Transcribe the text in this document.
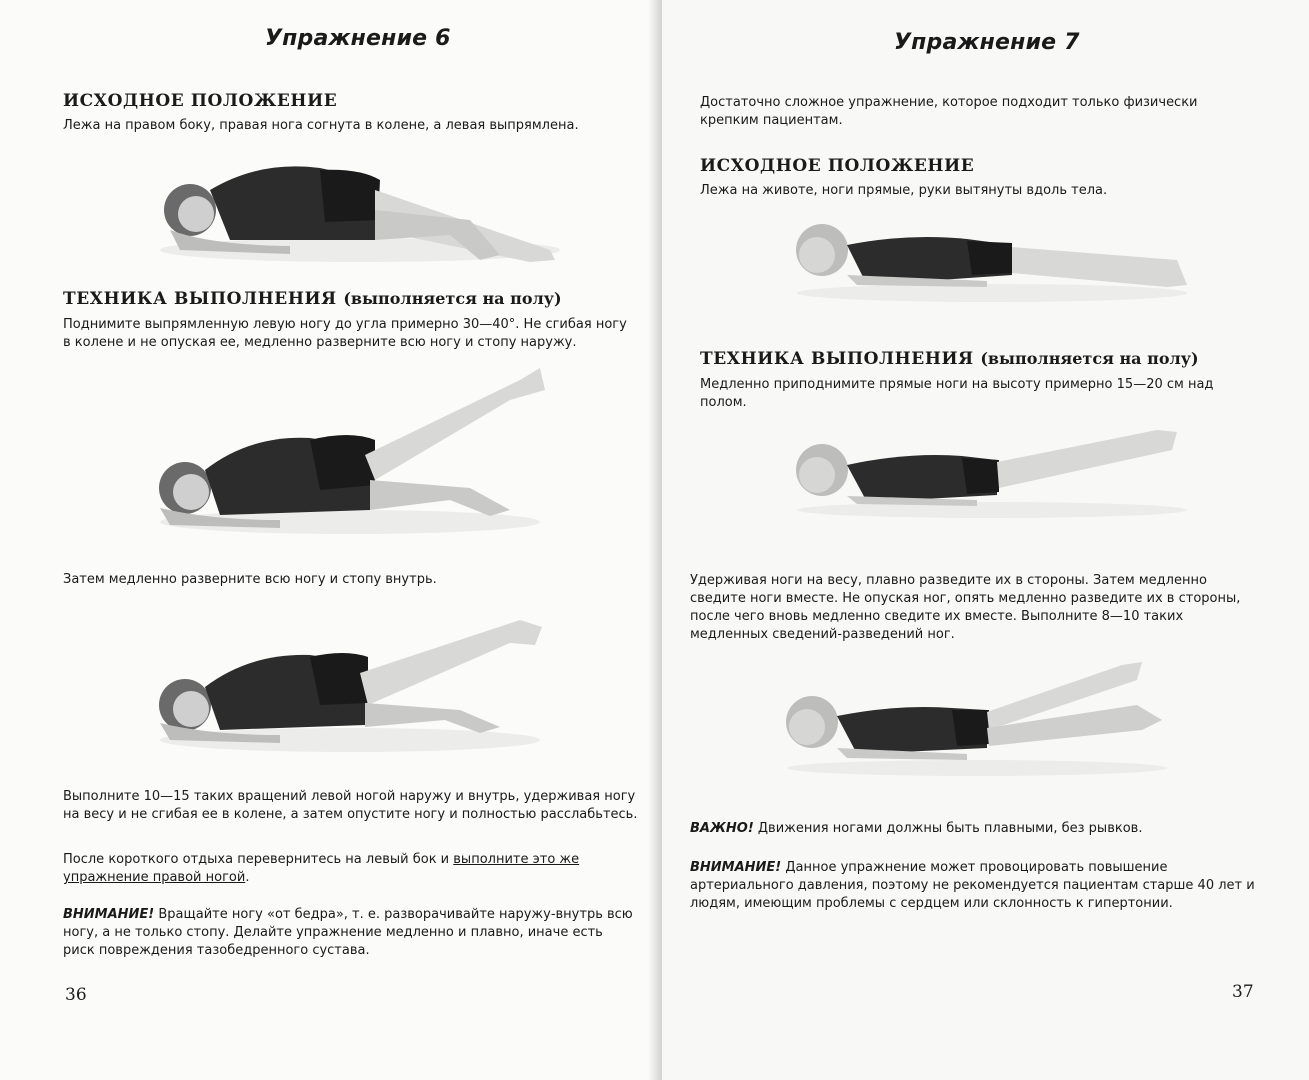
Упражнение 6
ИСХОДНОЕ ПОЛОЖЕНИЕ

Лежа на правом боку, правая нога согнута в колене, а левая выпрямлена.

ТЕХНИКА ВЫПОЛНЕНИЯ (выполняется на полу)

Поднимите выпрямленную левую ногу до угла примерно 30—40°. Не сгибая ногу в колене и не опуская ее, медленно разверните всю ногу и стопу наружу.

Затем медленно разверните всю ногу и стопу внутрь.

Выполните 10—15 таких вращений левой ногой наружу и внутрь, удерживая ногу на весу и не сгибая ее в колене, а затем опустите ногу и полностью расслабьтесь.

После короткого отдыха перевернитесь на левый бок и выполните это же упражнение правой ногой.

ВНИМАНИЕ! Вращайте ногу «от бедра», т. е. разворачивайте наружу-внутрь всю ногу, а не только стопу. Делайте упражнение медленно и плавно, иначе есть риск повреждения тазобедренного сустава.

36
Упражнение 7

Достаточно сложное упражнение, которое подходит только физически крепким пациентам.

ИСХОДНОЕ ПОЛОЖЕНИЕ

Лежа на животе, ноги прямые, руки вытянуты вдоль тела.

ТЕХНИКА ВЫПОЛНЕНИЯ (выполняется на полу)

Медленно приподнимите прямые ноги на высоту примерно 15—20 см над полом.

Удерживая ноги на весу, плавно разведите их в стороны. Затем медленно сведите ноги вместе. Не опуская ног, опять медленно разведите их в стороны, после чего вновь медленно сведите их вместе. Выполните 8—10 таких медленных сведений-разведений ног.

ВАЖНО! Движения ногами должны быть плавными, без рывков.

ВНИМАНИЕ! Данное упражнение может провоцировать повышение артериального давления, поэтому не рекомендуется пациентам старше 40 лет и людям, имеющим проблемы с сердцем или склонность к гипертонии.

37
